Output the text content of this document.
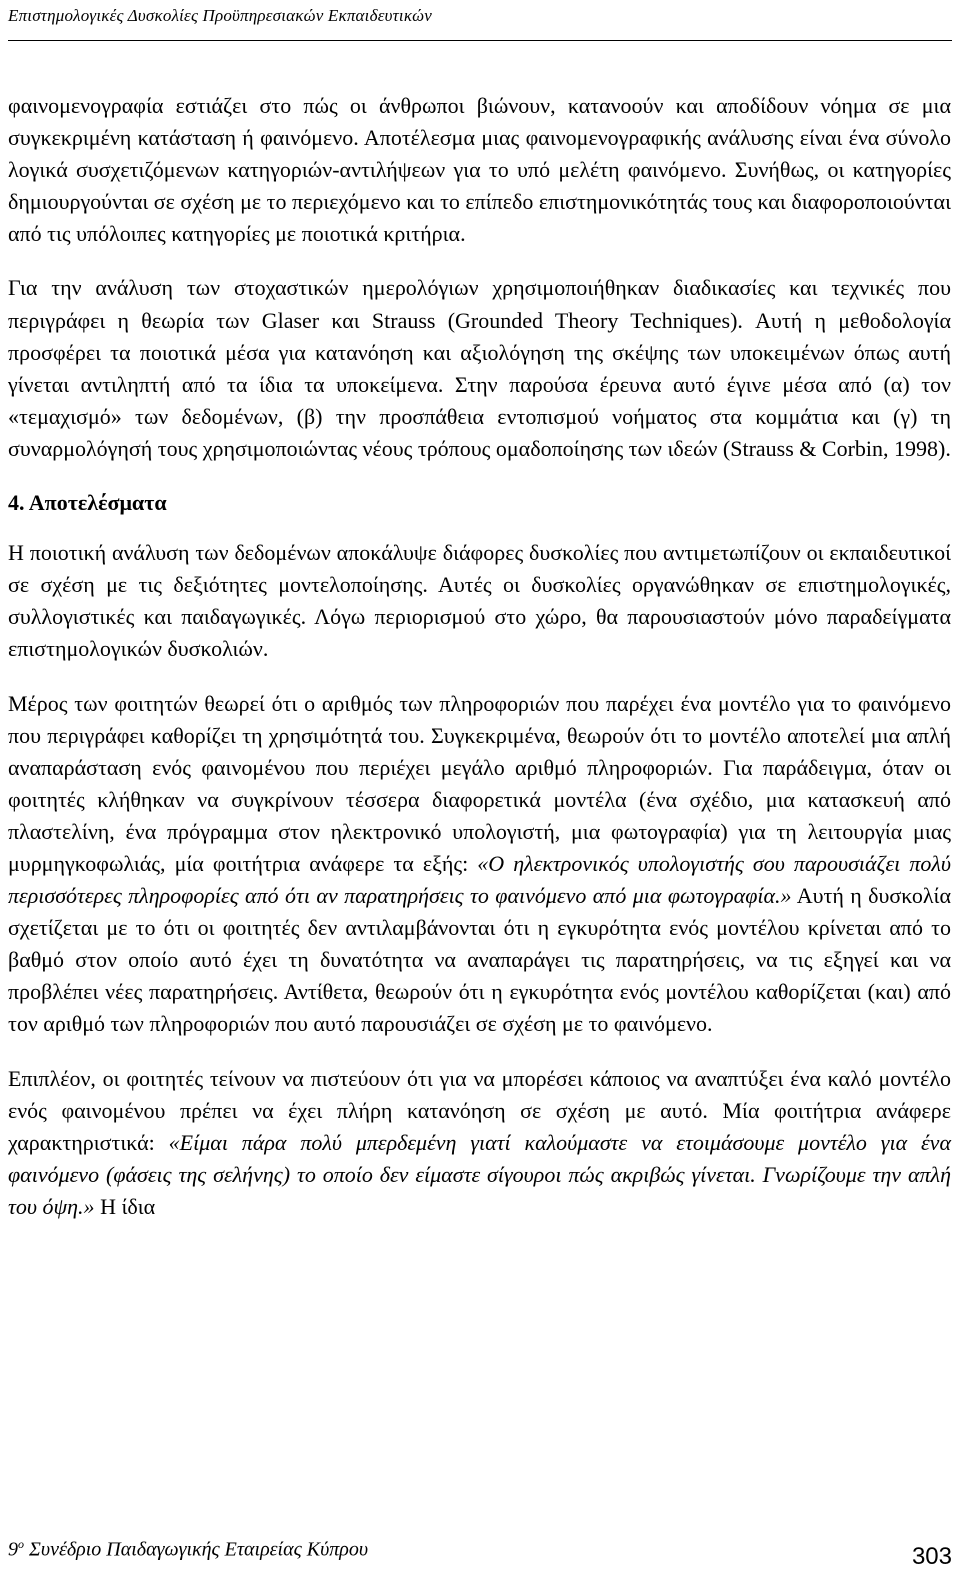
Επιστημολογικές Δυσκολίες Προϋπηρεσιακών Εκπαιδευτικών

φαινομενογραφία εστιάζει στο πώς οι άνθρωποι βιώνουν, κατανοούν και αποδίδουν νόημα σε μια συγκεκριμένη κατάσταση ή φαινόμενο. Αποτέλεσμα μιας φαινομενογραφικής ανάλυσης είναι ένα σύνολο λογικά συσχετιζόμενων κατηγοριών-αντιλήψεων για το υπό μελέτη φαινόμενο. Συνήθως, οι κατηγορίες δημιουργούνται σε σχέση με το περιεχόμενο και το επίπεδο επιστημονικότητάς τους και διαφοροποιούνται από τις υπόλοιπες κατηγορίες με ποιοτικά κριτήρια.

Για την ανάλυση των στοχαστικών ημερολόγιων χρησιμοποιήθηκαν διαδικασίες και τεχνικές που περιγράφει η θεωρία των Glaser και Strauss (Grounded Theory Techniques). Αυτή η μεθοδολογία προσφέρει τα ποιοτικά μέσα για κατανόηση και αξιολόγηση της σκέψης των υποκειμένων όπως αυτή γίνεται αντιληπτή από τα ίδια τα υποκείμενα. Στην παρούσα έρευνα αυτό έγινε μέσα από (α) τον «τεμαχισμό» των δεδομένων, (β) την προσπάθεια εντοπισμού νοήματος στα κομμάτια και (γ) τη συναρμολόγησή τους χρησιμοποιώντας νέους τρόπους ομαδοποίησης των ιδεών (Strauss & Corbin, 1998).

4. Αποτελέσματα

Η ποιοτική ανάλυση των δεδομένων αποκάλυψε διάφορες δυσκολίες που αντιμετωπίζουν οι εκπαιδευτικοί σε σχέση με τις δεξιότητες μοντελοποίησης. Αυτές οι δυσκολίες οργανώθηκαν σε επιστημολογικές, συλλογιστικές και παιδαγωγικές. Λόγω περιορισμού στο χώρο, θα παρουσιαστούν μόνο παραδείγματα επιστημολογικών δυσκολιών.

Μέρος των φοιτητών θεωρεί ότι ο αριθμός των πληροφοριών που παρέχει ένα μοντέλο για το φαινόμενο που περιγράφει καθορίζει τη χρησιμότητά του. Συγκεκριμένα, θεωρούν ότι το μοντέλο αποτελεί μια απλή αναπαράσταση ενός φαινομένου που περιέχει μεγάλο αριθμό πληροφοριών. Για παράδειγμα, όταν οι φοιτητές κλήθηκαν να συγκρίνουν τέσσερα διαφορετικά μοντέλα (ένα σχέδιο, μια κατασκευή από πλαστελίνη, ένα πρόγραμμα στον ηλεκτρονικό υπολογιστή, μια φωτογραφία) για τη λειτουργία μιας μυρμηγκοφωλιάς, μία φοιτήτρια ανάφερε τα εξής: «Ο ηλεκτρονικός υπολογιστής σου παρουσιάζει πολύ περισσότερες πληροφορίες από ότι αν παρατηρήσεις το φαινόμενο από μια φωτογραφία.» Αυτή η δυσκολία σχετίζεται με το ότι οι φοιτητές δεν αντιλαμβάνονται ότι η εγκυρότητα ενός μοντέλου κρίνεται από το βαθμό στον οποίο αυτό έχει τη δυνατότητα να αναπαράγει τις παρατηρήσεις, να τις εξηγεί και να προβλέπει νέες παρατηρήσεις. Αντίθετα, θεωρούν ότι η εγκυρότητα ενός μοντέλου καθορίζεται (και) από τον αριθμό των πληροφοριών που αυτό παρουσιάζει σε σχέση με το φαινόμενο.

Επιπλέον, οι φοιτητές τείνουν να πιστεύουν ότι για να μπορέσει κάποιος να αναπτύξει ένα καλό μοντέλο ενός φαινομένου πρέπει να έχει πλήρη κατανόηση σε σχέση με αυτό. Μία φοιτήτρια ανάφερε χαρακτηριστικά: «Είμαι πάρα πολύ μπερδεμένη γιατί καλούμαστε να ετοιμάσουμε μοντέλο για ένα φαινόμενο (φάσεις της σελήνης) το οποίο δεν είμαστε σίγουροι πώς ακριβώς γίνεται. Γνωρίζουμε την απλή του όψη.» Η ίδια

$9^o$ Συνέδριο Παιδαγωγικής Εταιρείας Κύπρου	303
